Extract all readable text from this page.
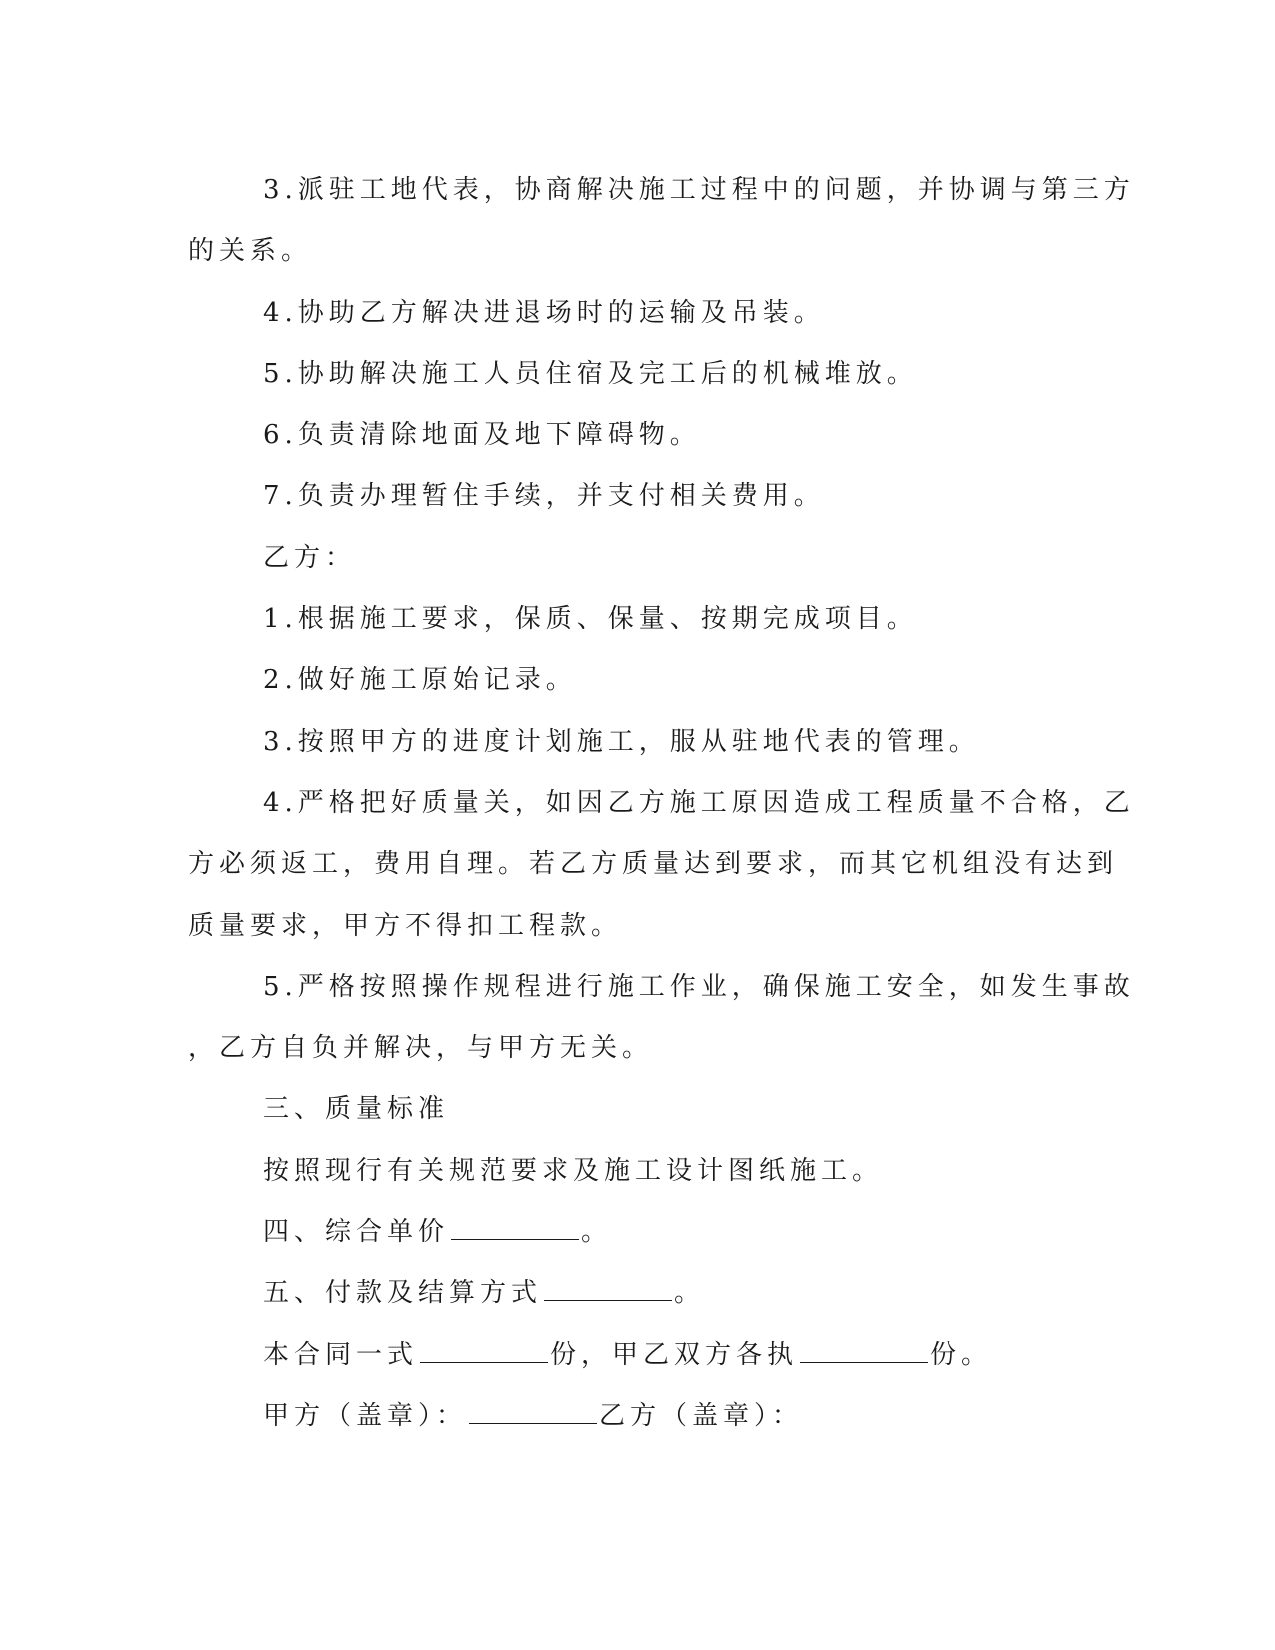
3.派驻工地代表，协商解决施工过程中的问题，并协调与第三方
的关系。
4.协助乙方解决进退场时的运输及吊装。
5.协助解决施工人员住宿及完工后的机械堆放。
6.负责清除地面及地下障碍物。
7.负责办理暂住手续，并支付相关费用。
乙方：
1.根据施工要求，保质、保量、按期完成项目。
2.做好施工原始记录。
3.按照甲方的进度计划施工，服从驻地代表的管理。
4.严格把好质量关，如因乙方施工原因造成工程质量不合格，乙
方必须返工，费用自理。若乙方质量达到要求，而其它机组没有达到
质量要求，甲方不得扣工程款。
5.严格按照操作规程进行施工作业，确保施工安全，如发生事故
，乙方自负并解决，与甲方无关。
三、质量标准
按照现行有关规范要求及施工设计图纸施工。
四、综合单价	。
五、付款及结算方式	。
本合同一式	份，甲乙双方各执	份。
甲方（盖章）：	乙方（盖章）：
